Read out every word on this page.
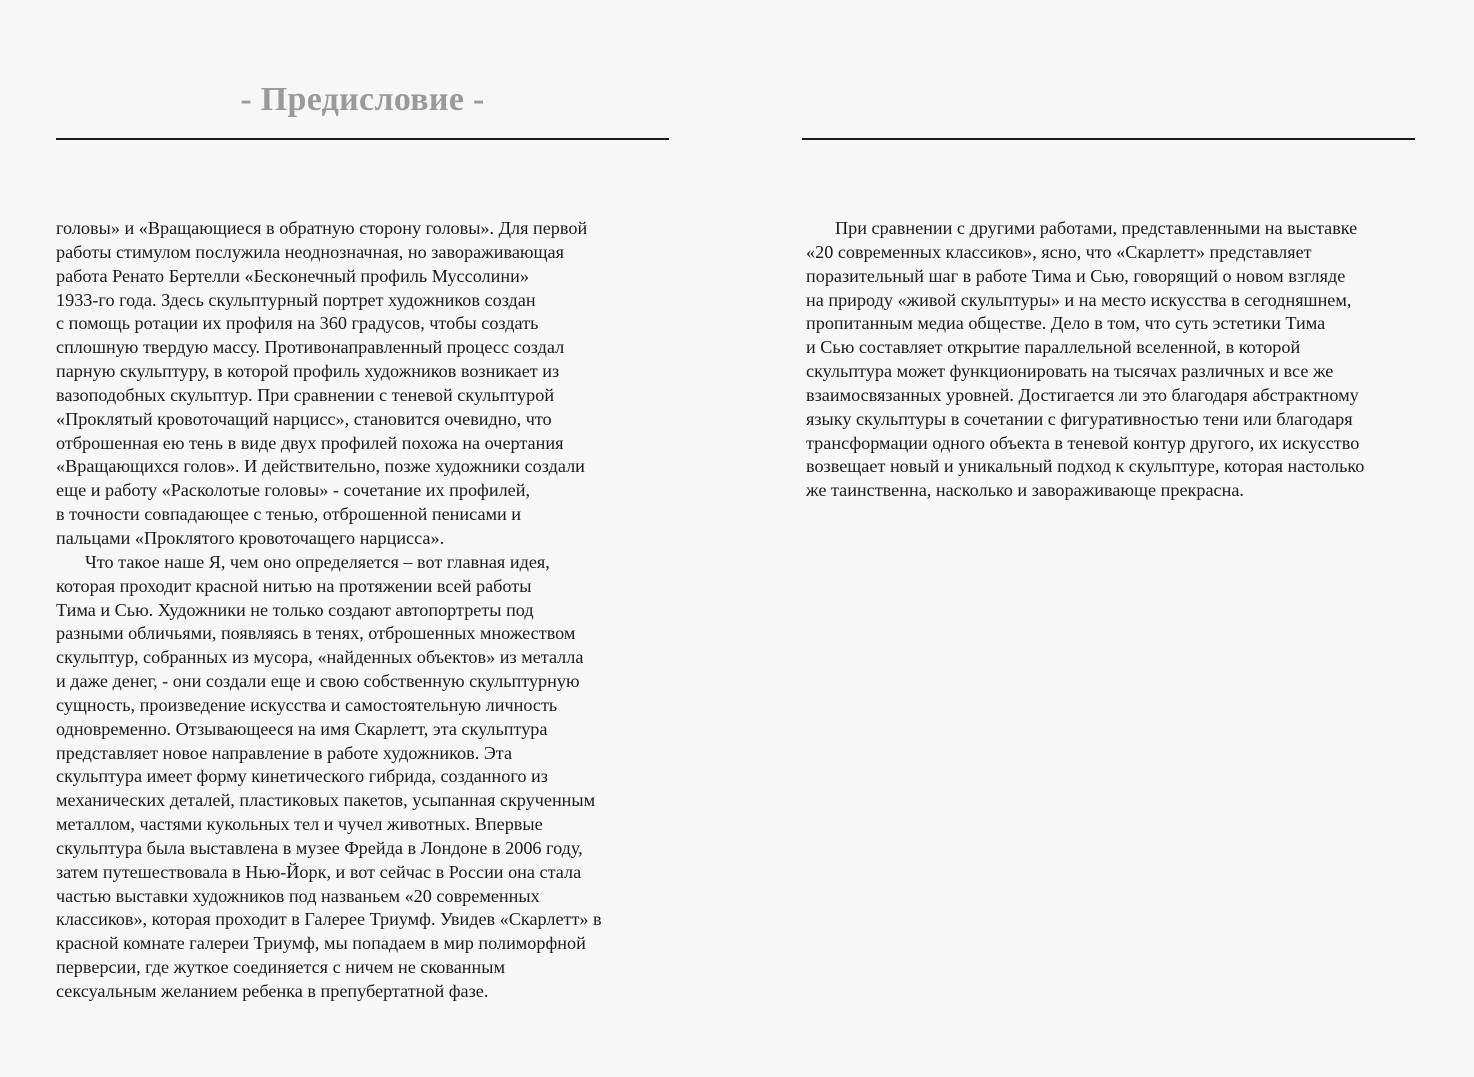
- Предисловие -
головы» и «Вращающиеся в обратную сторону головы». Для первой
работы стимулом послужила неоднозначная, но завораживающая
работа Ренато Бертелли «Бесконечный профиль Муссолини»
1933-го года. Здесь скульптурный портрет художников создан
с помощь ротации их профиля на 360 градусов, чтобы создать
сплошную твердую массу. Противонаправленный процесс создал
парную скульптуру, в которой профиль художников возникает из
вазоподобных скульптур. При сравнении с теневой скульптурой
«Проклятый кровоточащий нарцисс», становится очевидно, что
отброшенная ею тень в виде двух профилей похожа на очертания
«Вращающихся голов». И действительно, позже художники создали
еще и работу «Расколотые головы» - сочетание их профилей,
в точности совпадающее с тенью, отброшенной пенисами и
пальцами «Проклятого кровоточащего нарцисса».
Что такое наше Я, чем оно определяется – вот главная идея,
которая проходит красной нитью на протяжении всей работы
Тима и Сью. Художники не только создают автопортреты под
разными обличьями, появляясь в тенях, отброшенных множеством
скульптур, собранных из мусора, «найденных объектов» из металла
и даже денег, - они создали еще и свою собственную скульптурную
сущность, произведение искусства и самостоятельную личность
одновременно. Отзывающееся на имя Скарлетт, эта скульптура
представляет новое направление в работе художников. Эта
скульптура имеет форму кинетического гибрида, созданного из
механических деталей, пластиковых пакетов, усыпанная скрученным
металлом, частями кукольных тел и чучел животных. Впервые
скульптура была выставлена в музее Фрейда в Лондоне в 2006 году,
затем путешествовала в Нью-Йорк, и вот сейчас в России она стала
частью выставки художников под названьем «20 современных
классиков», которая проходит в Галерее Триумф. Увидев «Скарлетт» в
красной комнате галереи Триумф, мы попадаем в мир полиморфной
перверсии, где жуткое соединяется с ничем не скованным
сексуальным желанием ребенка в препубертатной фазе.
При сравнении с другими работами, представленными на выставке
«20 современных классиков», ясно, что «Скарлетт» представляет
поразительный шаг в работе Тима и Сью, говорящий о новом взгляде
на природу «живой скульптуры» и на место искусства в сегодняшнем,
пропитанным медиа обществе. Дело в том, что суть эстетики Тима
и Сью составляет открытие параллельной вселенной, в которой
скульптура может функционировать на тысячах различных и все же
взаимосвязанных уровней. Достигается ли это благодаря абстрактному
языку скульптуры в сочетании с фигуративностью тени или благодаря
трансформации одного объекта в теневой контур другого, их искусство
возвещает новый и уникальный подход к скульптуре, которая настолько
же таинственна, насколько и завораживающе прекрасна.
